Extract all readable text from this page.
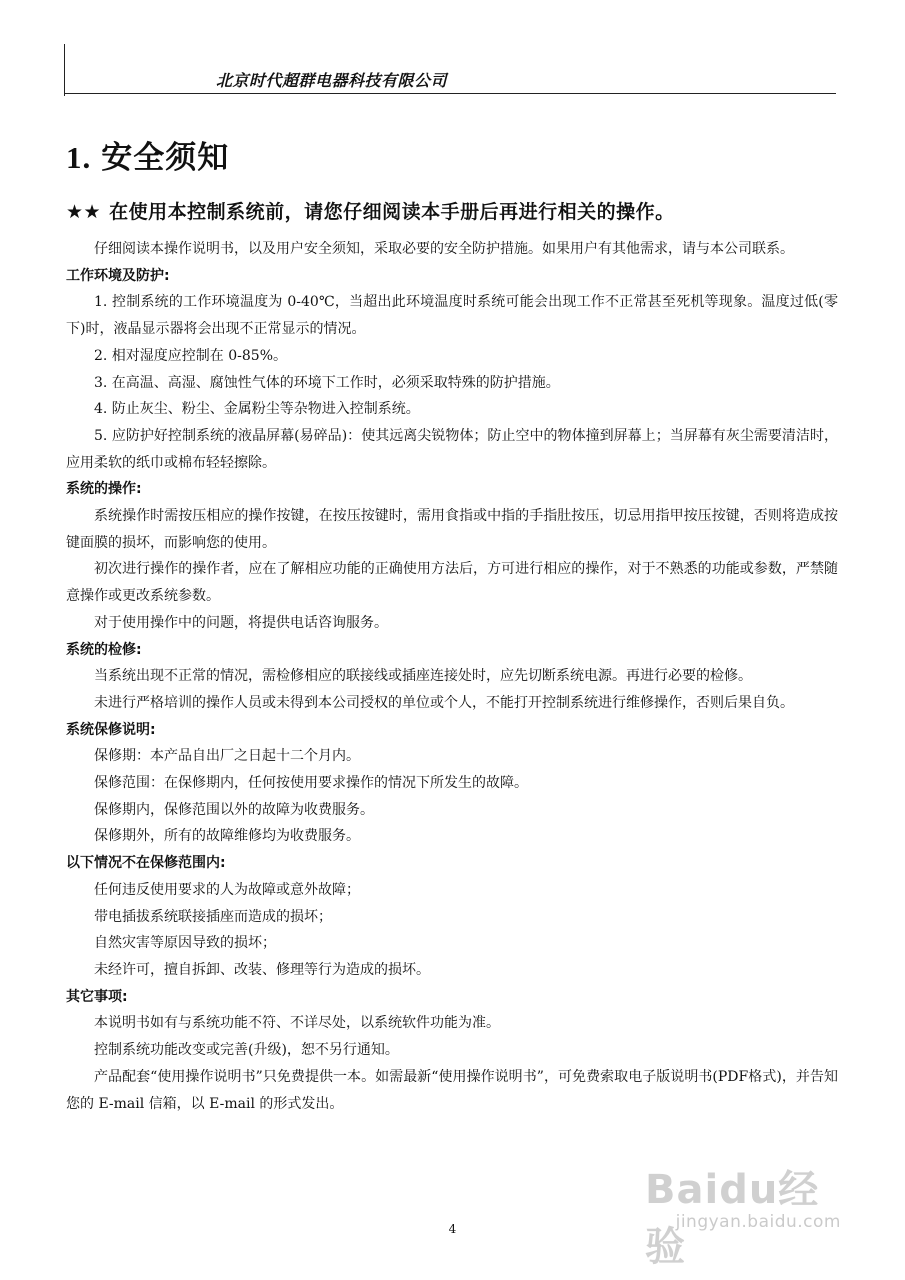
北京时代超群电器科技有限公司
1. 安全须知

★★ 在使用本控制系统前，请您仔细阅读本手册后再进行相关的操作。

仔细阅读本操作说明书，以及用户安全须知，采取必要的安全防护措施。如果用户有其他需求，请与本公司联系。

工作环境及防护:

1. 控制系统的工作环境温度为 0-40℃，当超出此环境温度时系统可能会出现工作不正常甚至死机等现象。温度过低(零下)时，液晶显示器将会出现不正常显示的情况。

2. 相对湿度应控制在 0-85%。

3. 在高温、高湿、腐蚀性气体的环境下工作时，必须采取特殊的防护措施。

4. 防止灰尘、粉尘、金属粉尘等杂物进入控制系统。

5. 应防护好控制系统的液晶屏幕(易碎品)：使其远离尖锐物体；防止空中的物体撞到屏幕上；当屏幕有灰尘需要清洁时，应用柔软的纸巾或棉布轻轻擦除。

系统的操作:

系统操作时需按压相应的操作按键，在按压按键时，需用食指或中指的手指肚按压，切忌用指甲按压按键，否则将造成按键面膜的损坏，而影响您的使用。

初次进行操作的操作者，应在了解相应功能的正确使用方法后，方可进行相应的操作，对于不熟悉的功能或参数，严禁随意操作或更改系统参数。

对于使用操作中的问题，将提供电话咨询服务。

系统的检修:

当系统出现不正常的情况，需检修相应的联接线或插座连接处时，应先切断系统电源。再进行必要的检修。

未进行严格培训的操作人员或未得到本公司授权的单位或个人，不能打开控制系统进行维修操作，否则后果自负。

系统保修说明:

保修期：本产品自出厂之日起十二个月内。

保修范围：在保修期内，任何按使用要求操作的情况下所发生的故障。

保修期内，保修范围以外的故障为收费服务。

保修期外，所有的故障维修均为收费服务。

以下情况不在保修范围内:

任何违反使用要求的人为故障或意外故障；

带电插拔系统联接插座而造成的损坏；

自然灾害等原因导致的损坏；

未经许可，擅自拆卸、改装、修理等行为造成的损坏。

其它事项:

本说明书如有与系统功能不符、不详尽处，以系统软件功能为准。

控制系统功能改变或完善(升级)，恕不另行通知。

产品配套“使用操作说明书”只免费提供一本。如需最新“使用操作说明书”，可免费索取电子版说明书(PDF格式)，并告知您的 E-mail 信箱，以 E-mail 的形式发出。

4
Baidu经验
jingyan.baidu.com
